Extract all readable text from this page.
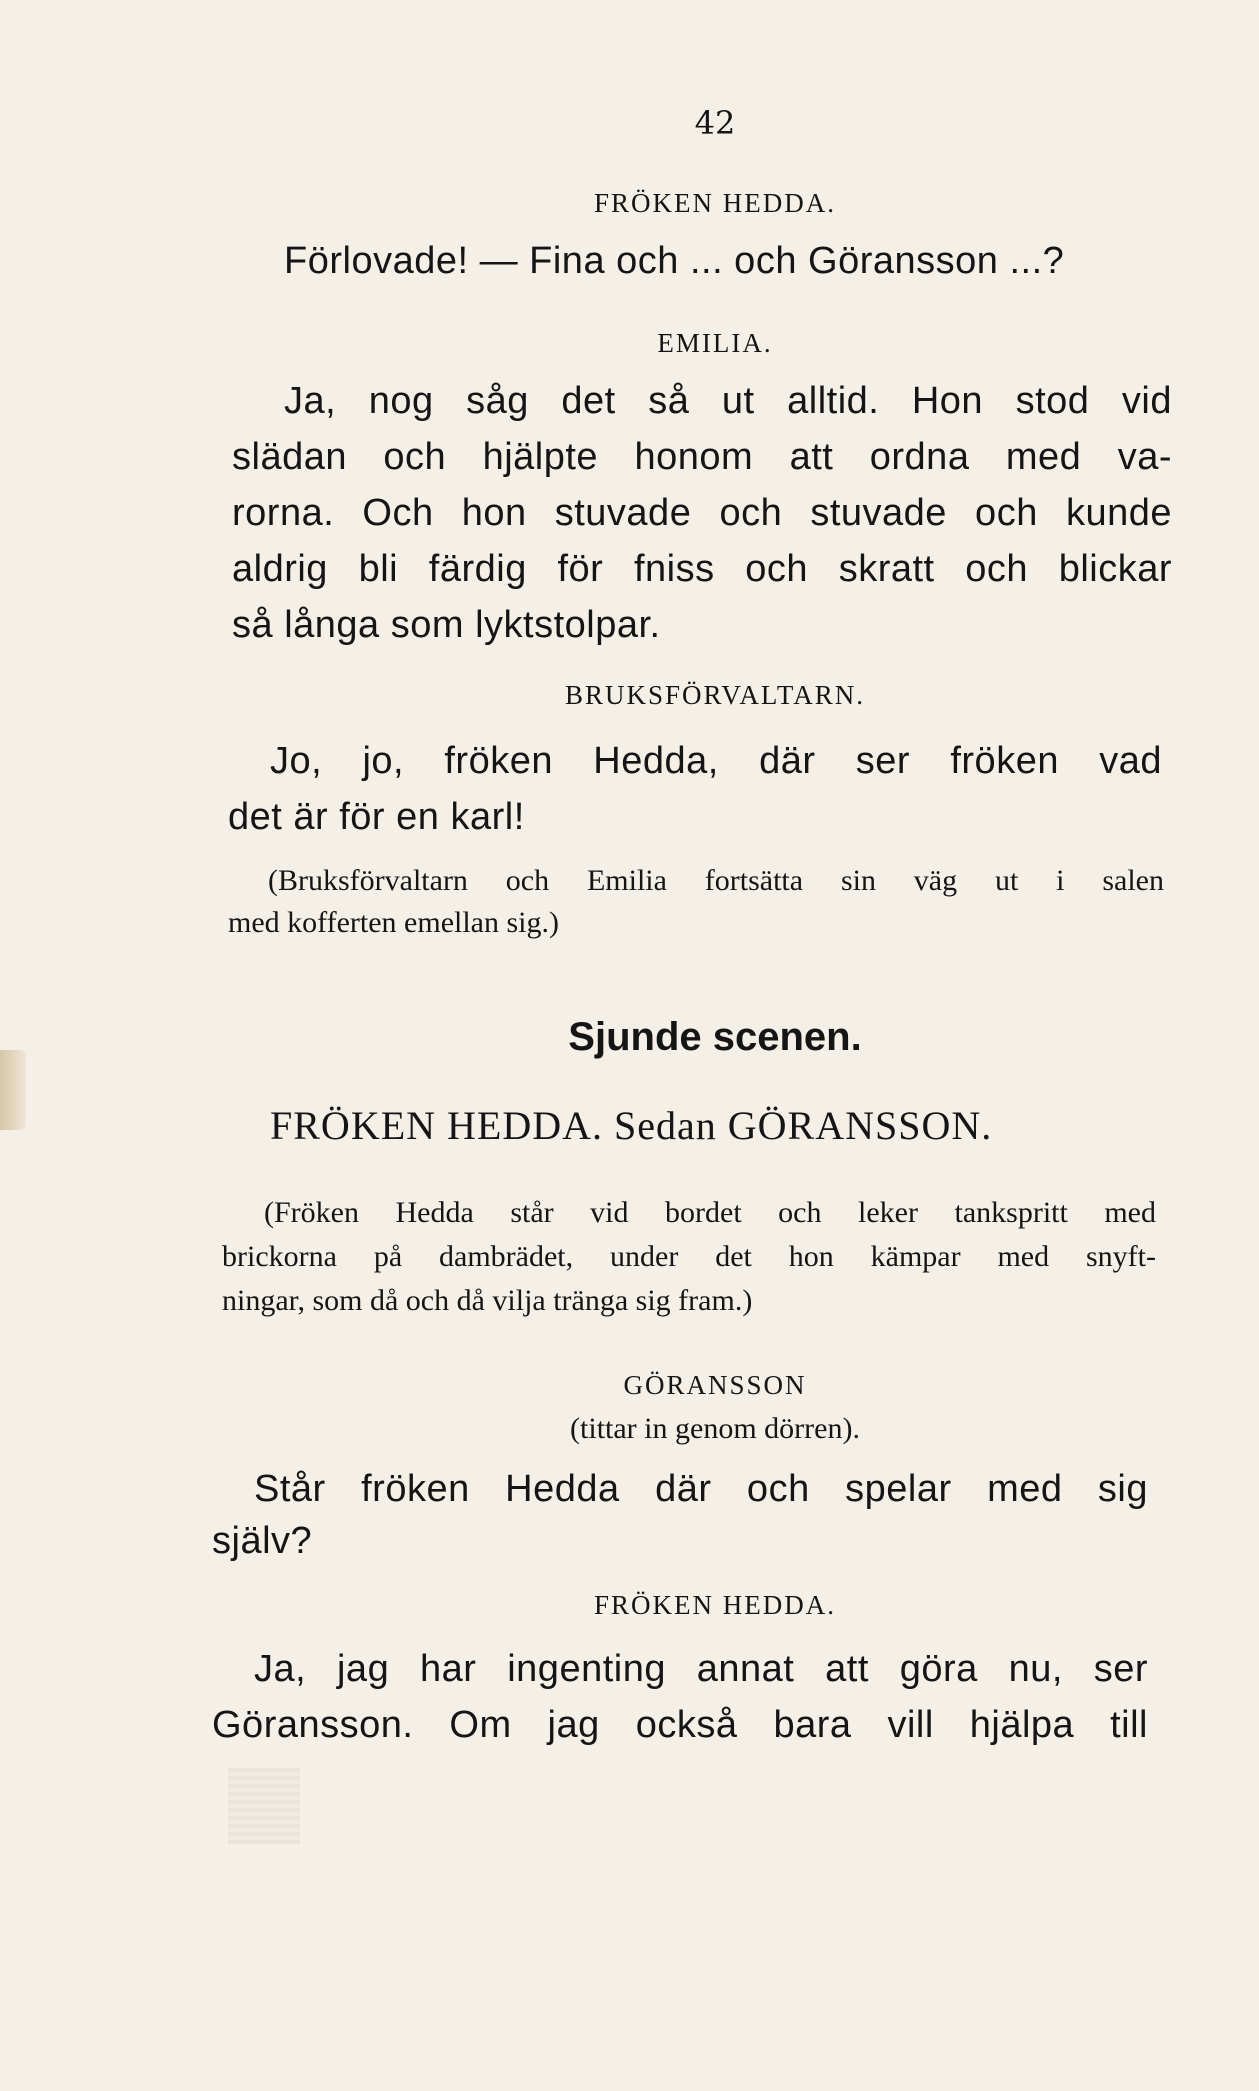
42
FRÖKEN HEDDA.
Förlovade! — Fina och ... och Göransson ...?
EMILIA.
Ja, nog såg det så ut alltid. Hon stod vid
slädan och hjälpte honom att ordna med va-
rorna. Och hon stuvade och stuvade och kunde
aldrig bli färdig för fniss och skratt och blickar
så långa som lyktstolpar.
BRUKSFÖRVALTARN.
Jo, jo, fröken Hedda, där ser fröken vad
det är för en karl!
(Bruksförvaltarn och Emilia fortsätta sin väg ut i salen
med kofferten emellan sig.)
Sjunde scenen.
FRÖKEN HEDDA. Sedan GÖRANSSON.
(Fröken Hedda står vid bordet och leker tankspritt med
brickorna på dambrädet, under det hon kämpar med snyft-
ningar, som då och då vilja tränga sig fram.)
GÖRANSSON
(tittar in genom dörren).
Står fröken Hedda där och spelar med sig
själv?
FRÖKEN HEDDA.
Ja, jag har ingenting annat att göra nu, ser
Göransson. Om jag också bara vill hjälpa till
